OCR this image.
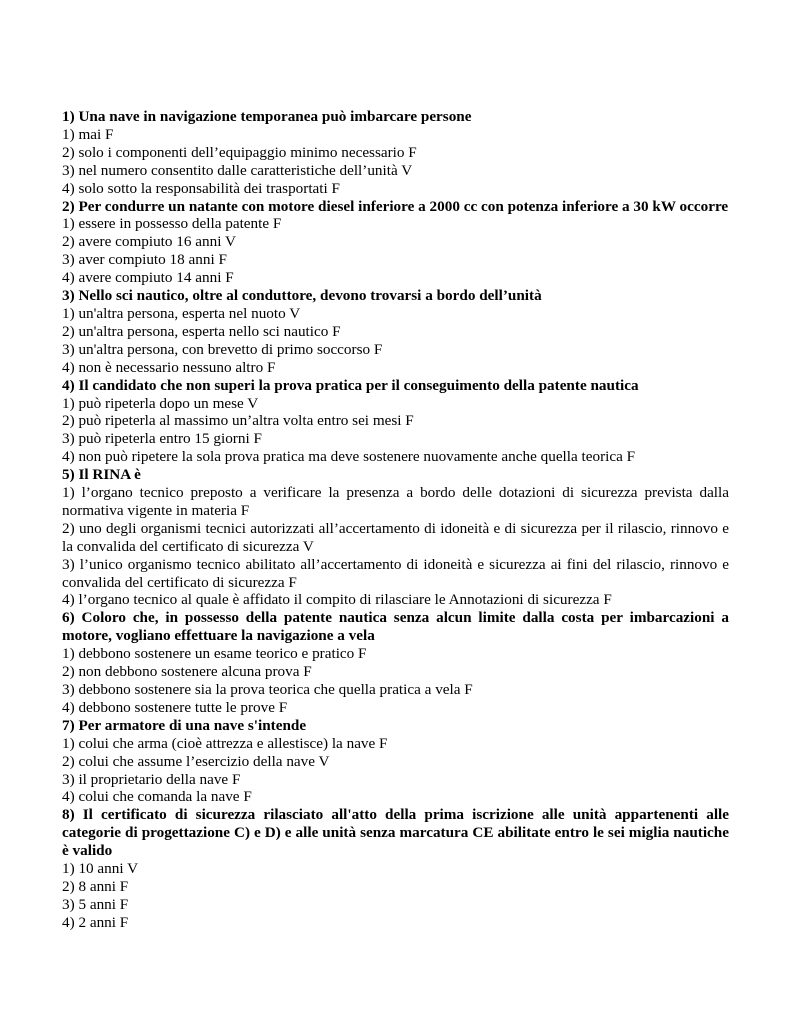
1) Una nave in navigazione temporanea può imbarcare persone
1) mai F
2) solo i componenti dell’equipaggio minimo necessario F
3) nel numero consentito dalle caratteristiche dell’unità V
4) solo sotto la responsabilità dei trasportati F
2) Per condurre un natante con motore diesel inferiore a 2000 cc con potenza inferiore a 30 kW occorre
1) essere in possesso della patente F
2) avere compiuto 16 anni V
3) aver compiuto 18 anni F
4) avere compiuto 14 anni F
3) Nello sci nautico, oltre al conduttore, devono trovarsi a bordo dell’unità
1) un'altra persona, esperta nel nuoto V
2) un'altra persona, esperta nello sci nautico F
3) un'altra persona, con brevetto di primo soccorso F
4) non è necessario nessuno altro F
4) Il candidato che non superi la prova pratica per il conseguimento della patente nautica
1) può ripeterla dopo un mese V
2) può ripeterla al massimo un’altra volta entro sei mesi F
3) può ripeterla entro 15 giorni F
4) non può ripetere la sola prova pratica ma deve sostenere nuovamente anche quella teorica F
5) Il RINA è
1) l’organo tecnico preposto a verificare la presenza a bordo delle dotazioni di sicurezza prevista dalla normativa vigente in materia F
2) uno degli organismi tecnici autorizzati all’accertamento di idoneità e di sicurezza per il rilascio, rinnovo e la convalida del certificato di sicurezza V
3) l’unico organismo tecnico abilitato all’accertamento di idoneità e sicurezza ai fini del rilascio, rinnovo e convalida del certificato di sicurezza F
4) l’organo tecnico al quale è affidato il compito di rilasciare le Annotazioni di sicurezza F
6) Coloro che, in possesso della patente nautica senza alcun limite dalla costa per imbarcazioni a motore, vogliano effettuare la navigazione a vela
1) debbono sostenere un esame teorico e pratico F
2) non debbono sostenere alcuna prova F
3) debbono sostenere sia la prova teorica che quella pratica a vela F
4) debbono sostenere tutte le prove F
7) Per armatore di una nave s'intende
1) colui che arma (cioè attrezza e allestisce) la nave F
2) colui che assume l’esercizio della nave V
3) il proprietario della nave F
4) colui che comanda la nave F
8) Il certificato di sicurezza rilasciato all'atto della prima iscrizione alle unità appartenenti alle categorie di progettazione C) e D) e alle unità senza marcatura CE abilitate entro le sei miglia nautiche è valido
1) 10 anni V
2) 8 anni F
3) 5 anni F
4) 2 anni F
